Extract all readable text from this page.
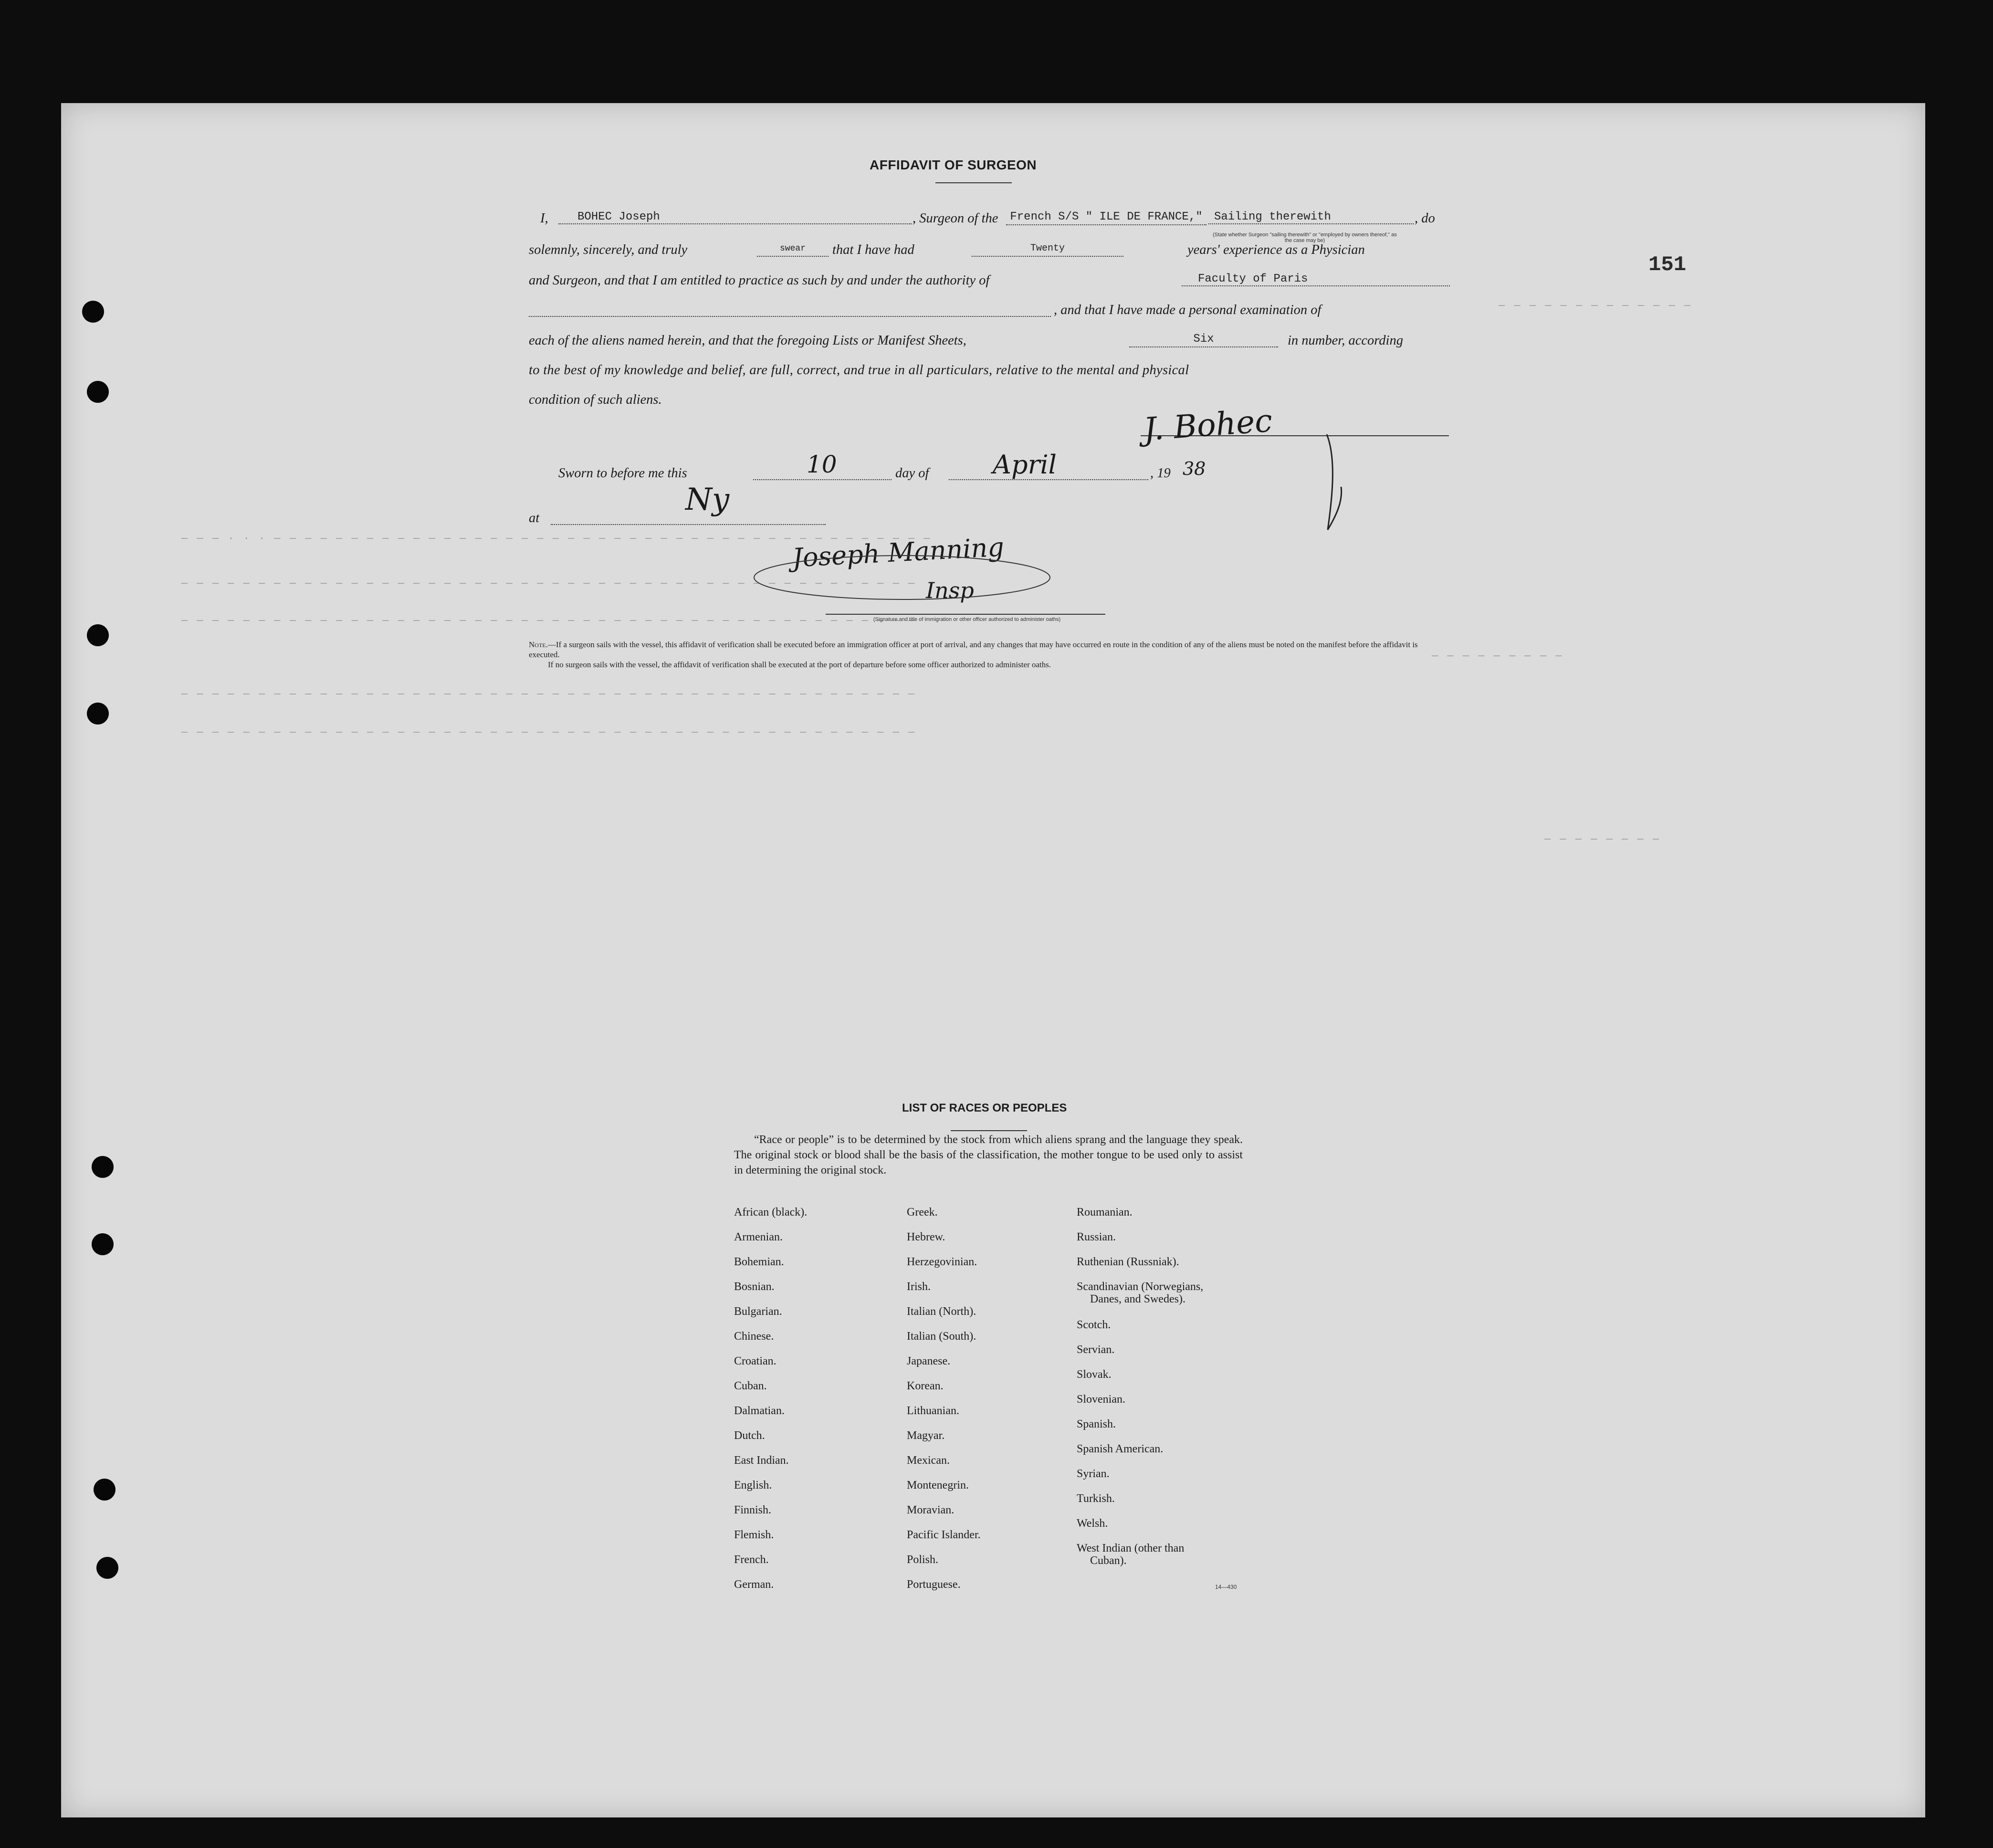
— — — · · · — — — — — — — — — — — — — — — — — — — — — — — — — — — — — — — — — — — — — — — — — — —
— — — — — — — — — — — — — — — — — — — — — — — — — — — — — — — — — — — — — — — — — — — — — — — —
— — — — — — — — — — — — — — — — — — — — — — — — — — — — — — — — — — — — — — — — — — — — — — — —
— — — — — — — — —
— — — — — — — — — — — — — — — — — — — — — — — — — — — — — — — — — — — — — — — — — — — — — — — —
— — — — — — — — — — — — — — — — — — — — — — — — — — — — — — — — — — — — — — — — — — — — — — — —
— — — — — — — — — — — — —
— — — — — — — —
151
AFFIDAVIT OF SURGEON
I,	BOHEC Joseph	, Surgeon of the	French S/S " ILE DE FRANCE,"	Sailing therewith	, do
(State whether Surgeon "sailing therewith" or "employed by owners thereof," as the case may be)
solemnly, sincerely, and truly	swear	that I have had	Twenty	years' experience as a Physician
and Surgeon, and that I am entitled to practice as such by and under the authority of	Faculty of Paris
, and that I have made a personal examination of
each of the aliens named herein, and that the foregoing Lists or Manifest Sheets,	Six	in number, according
to the best of my knowledge and belief, are full, correct, and true in all particulars, relative to the mental and physical
condition of such aliens.
J. Bohec
Sworn to before me this	day of	, 19
10	April	38
at
Ny
Joseph Manning
Insp
(Signature and title of immigration or other officer authorized to administer oaths)
Note.—If a surgeon sails with the vessel, this affidavit of verification shall be executed before an immigration officer at port of arrival, and any changes that may have occurred en route in the condition of any of the aliens must be noted on the manifest before the affidavit is executed.
If no surgeon sails with the vessel, the affidavit of verification shall be executed at the port of departure before some officer authorized to administer oaths.
LIST OF RACES OR PEOPLES
“Race or people” is to be determined by the stock from which aliens sprang and the language they speak. The original stock or blood shall be the basis of the classification, the mother tongue to be used only to assist in determining the original stock.
African (black).
Armenian.
Bohemian.
Bosnian.
Bulgarian.
Chinese.
Croatian.
Cuban.
Dalmatian.
Dutch.
East Indian.
English.
Finnish.
Flemish.
French.
German.
Greek.
Hebrew.
Herzegovinian.
Irish.
Italian (North).
Italian (South).
Japanese.
Korean.
Lithuanian.
Magyar.
Mexican.
Montenegrin.
Moravian.
Pacific Islander.
Polish.
Portuguese.
Roumanian.
Russian.
Ruthenian (Russniak).
Scandinavian (Norwegians,
Danes, and Swedes).
Scotch.
Servian.
Slovak.
Slovenian.
Spanish.
Spanish American.
Syrian.
Turkish.
Welsh.
West Indian (other than
Cuban).
14—430
